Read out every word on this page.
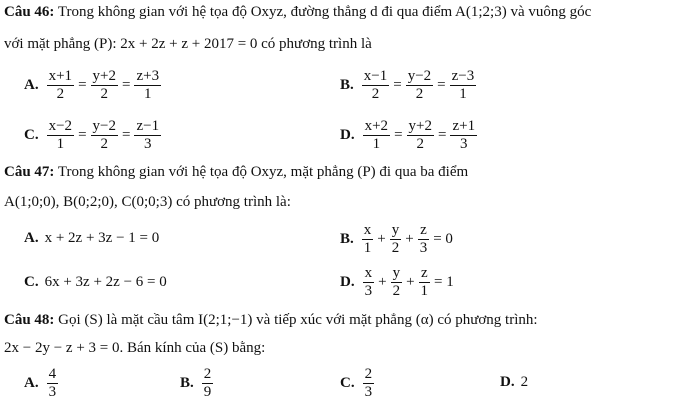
Câu 46: Trong không gian với hệ tọa độ Oxyz, đường thẳng d đi qua điểm A(1;2;3) và vuông góc
với mặt phẳng (P): 2x + 2z + z + 2017 = 0 có phương trình là
A. $\frac{x+1}{2} = \frac{y+2}{2} = \frac{z+3}{1}$	B. $\frac{x-1}{2} = \frac{y-2}{2} = \frac{z-3}{1}$
C. $\frac{x-2}{1} = \frac{y-2}{2} = \frac{z-1}{3}$	D. $\frac{x+2}{1} = \frac{y+2}{2} = \frac{z+1}{3}$
Câu 47: Trong không gian với hệ tọa độ Oxyz, mặt phẳng (P) đi qua ba điểm
A(1;0;0), B(0;2;0), C(0;0;3) có phương trình là:
A. x + 2z + 3z − 1 = 0	B. $\frac{x}{1} + \frac{y}{2} + \frac{z}{3} = 0$
C. 6x + 3z + 2z − 6 = 0	D. $\frac{x}{3} + \frac{y}{2} + \frac{z}{1} = 1$
Câu 48: Gọi (S) là mặt cầu tâm I(2;1;−1) và tiếp xúc với mặt phẳng (α) có phương trình:
2x − 2y − z + 3 = 0. Bán kính của (S) bằng:
A. $\frac{4}{3}$	B. $\frac{2}{9}$	C. $\frac{2}{3}$	D. 2
